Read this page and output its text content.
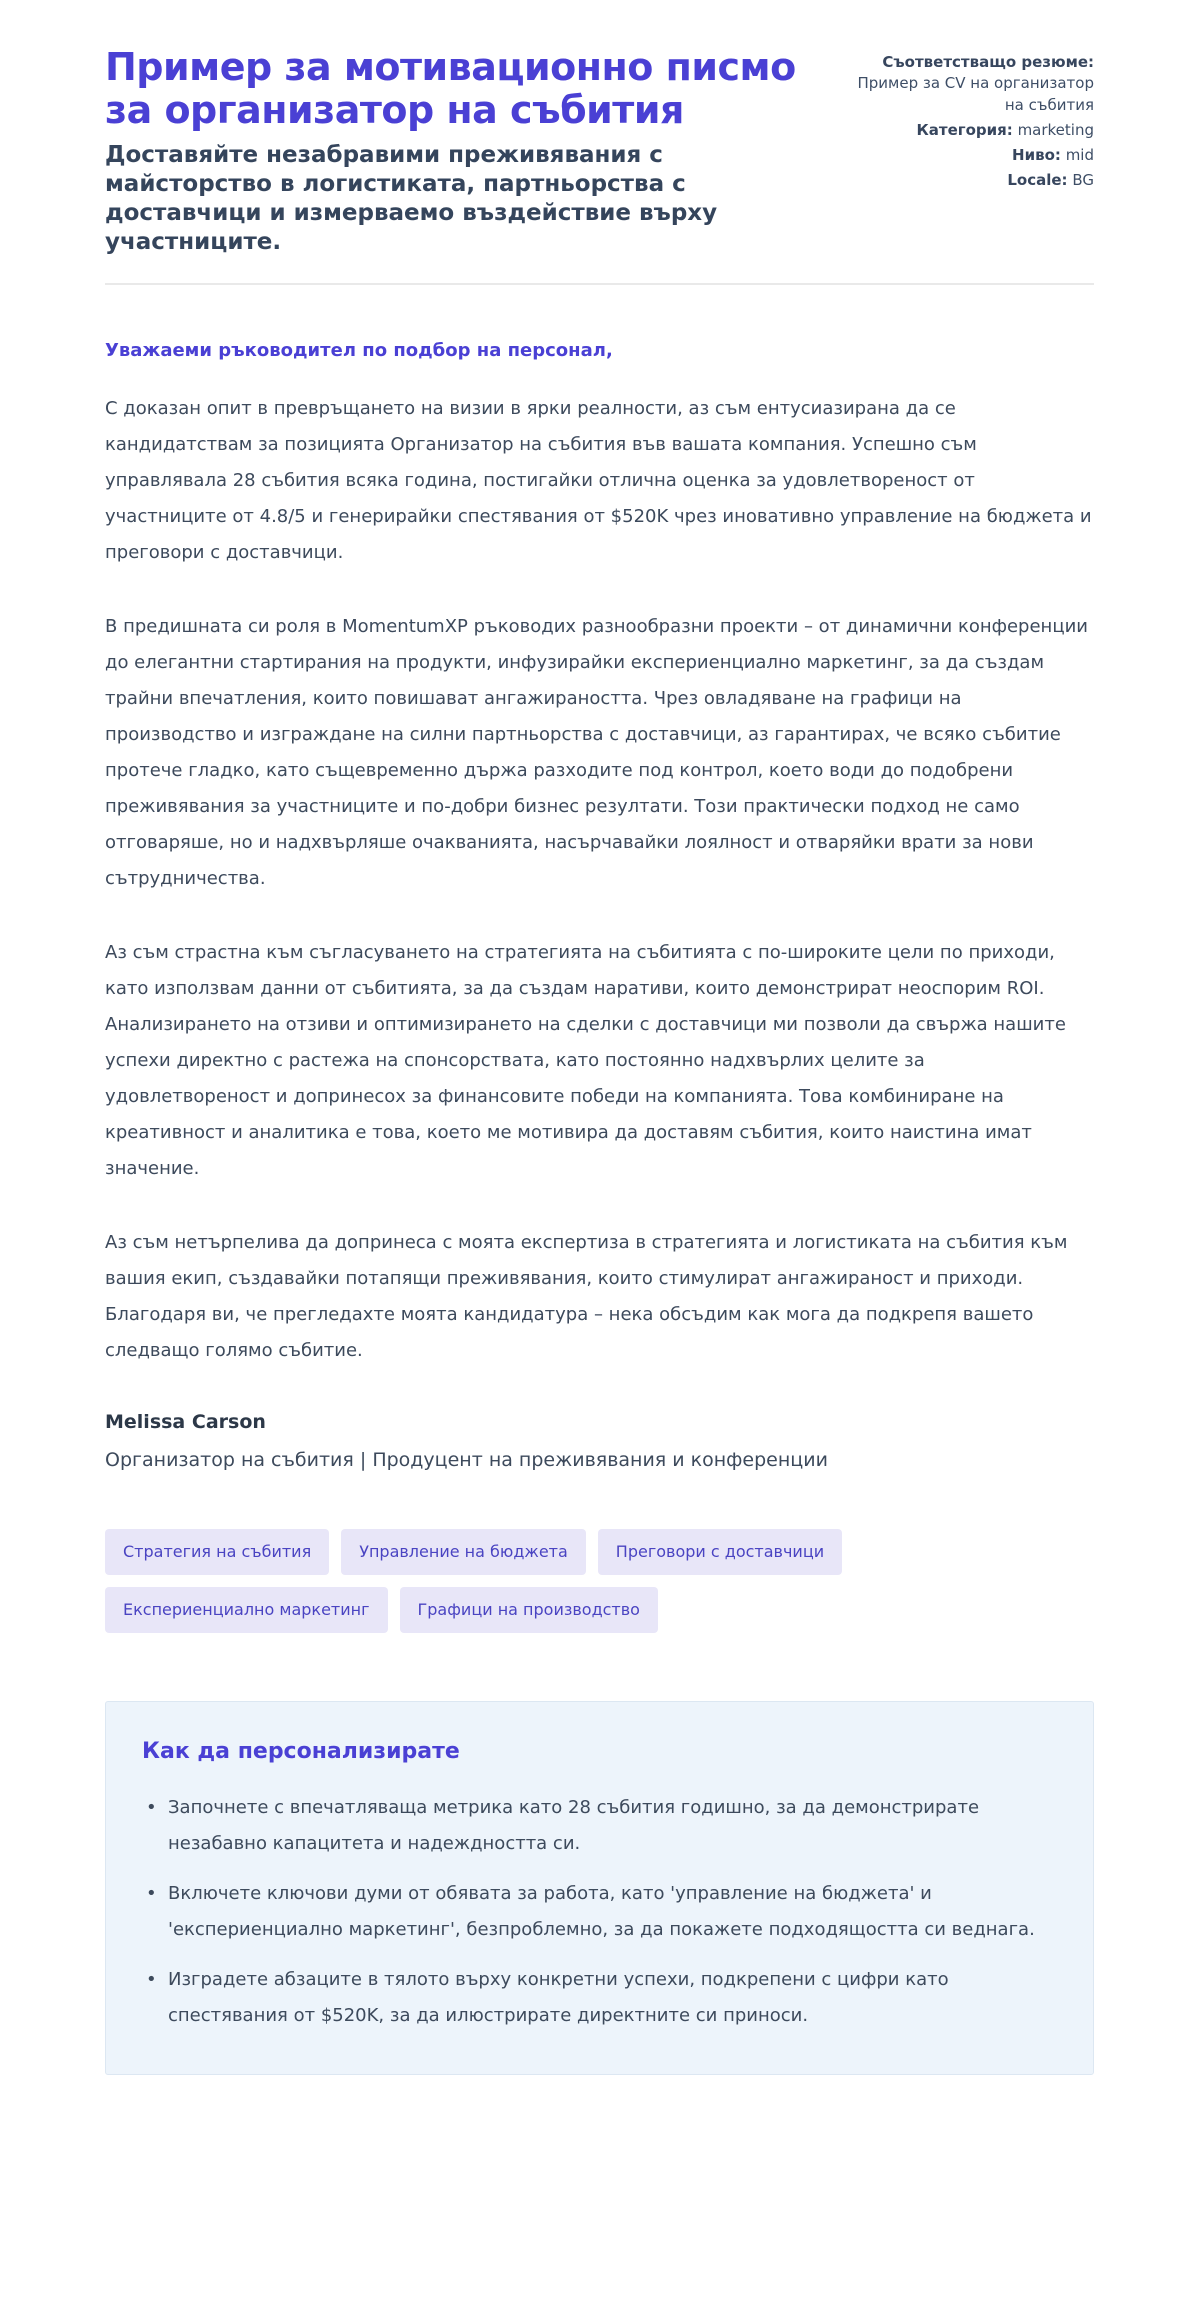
Пример за мотивационно писмо за организатор на събития

Доставяйте незабравими преживявания с майсторство в логистиката, партньорства с доставчици и измерваемо въздействие върху участниците.

Съответстващо резюме: Пример за CV на организатор на събития
Категория: marketing
Ниво: mid
Locale: BG

Уважаеми ръководител по подбор на персонал,

С доказан опит в превръщането на визии в ярки реалности, аз съм ентусиазирана да се кандидатствам за позицията Организатор на събития във вашата компания. Успешно съм управлявала 28 събития всяка година, постигайки отлична оценка за удовлетвореност от участниците от 4.8/5 и генерирайки спестявания от $520K чрез иновативно управление на бюджета и преговори с доставчици.

В предишната си роля в MomentumXP ръководих разнообразни проекти – от динамични конференции до елегантни стартирания на продукти, инфузирайки експериенциално маркетинг, за да създам трайни впечатления, които повишават ангажираността. Чрез овладяване на графици на производство и изграждане на силни партньорства с доставчици, аз гарантирах, че всяко събитие протече гладко, като същевременно държа разходите под контрол, което води до подобрени преживявания за участниците и по-добри бизнес резултати. Този практически подход не само отговаряше, но и надхвърляше очакванията, насърчавайки лоялност и отваряйки врати за нови сътрудничества.

Аз съм страстна към съгласуването на стратегията на събитията с по-широките цели по приходи, като използвам данни от събитията, за да създам наративи, които демонстрират неоспорим ROI. Анализирането на отзиви и оптимизирането на сделки с доставчици ми позволи да свържа нашите успехи директно с растежа на спонсорствата, като постоянно надхвърлих целите за удовлетвореност и допринесох за финансовите победи на компанията. Това комбиниране на креативност и аналитика е това, което ме мотивира да доставям събития, които наистина имат значение.

Аз съм нетърпелива да допринеса с моята експертиза в стратегията и логистиката на събития към вашия екип, създавайки потапящи преживявания, които стимулират ангажираност и приходи. Благодаря ви, че прегледахте моята кандидатура – нека обсъдим как мога да подкрепя вашето следващо голямо събитие.

Melissa Carson

Организатор на събития | Продуцент на преживявания и конференции

Стратегия на събития	Управление на бюджета	Преговори с доставчици
Експериенциално маркетинг	Графици на производство
Как да персонализирате
• Започнете с впечатляваща метрика като 28 събития годишно, за да демонстрирате незабавно капацитета и надеждността си.
• Включете ключови думи от обявата за работа, като 'управление на бюджета' и 'експериенциално маркетинг', безпроблемно, за да покажете подходящостта си веднага.
• Изградете абзаците в тялото върху конкретни успехи, подкрепени с цифри като спестявания от $520K, за да илюстрирате директните си приноси.
